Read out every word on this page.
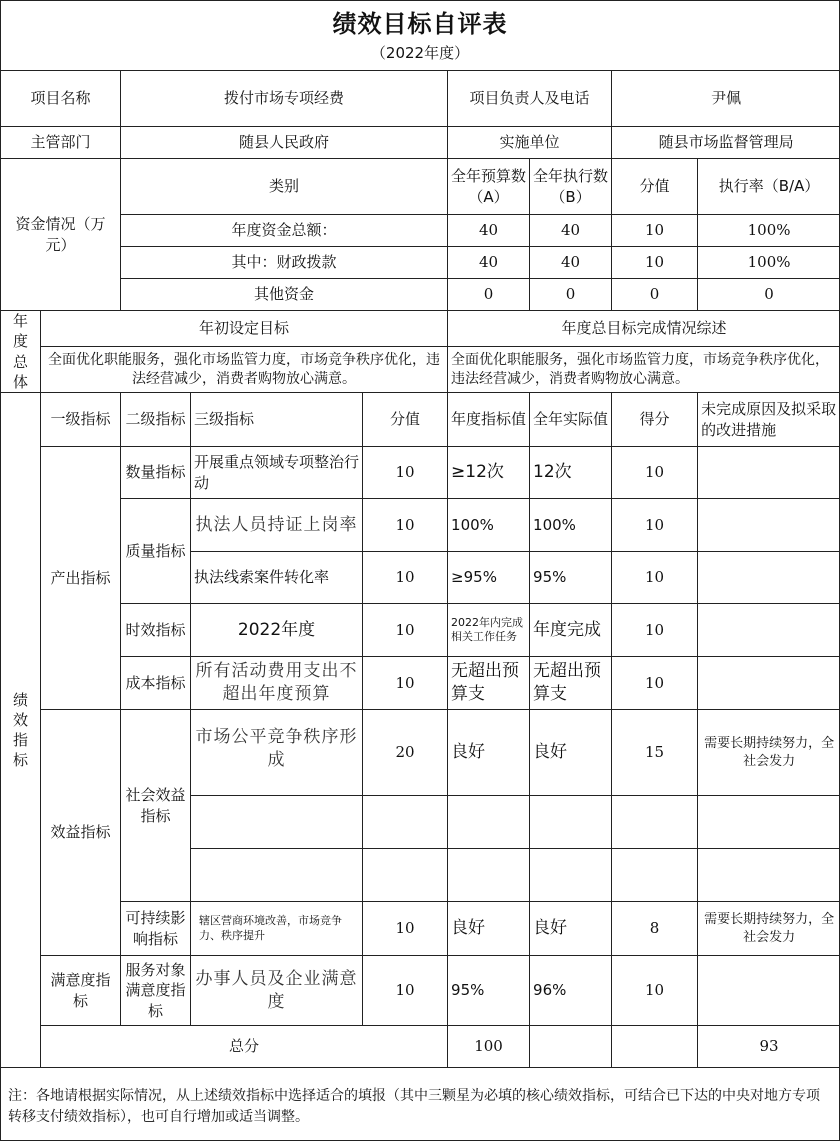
绩效目标自评表
（2022年度）
项目名称		拨付市场专项经费			项目负责人及电话		尹佩		
主管部门		随县人民政府			实施单位		随县市场监督管理局		
资金情况（万元）		类别			全年预算数（A）	全年执行数（B）	分值	执行率（B/A）	
		年度资金总额：			40	40	10	100%	
		其中：财政拨款			40	40	10	100%	
		其他资金			0	0	0	0	
年度总体	年初设定目标				年度总目标完成情况综述				
	全面优化职能服务，强化市场监管力度，市场竞争秩序优化，违法经营减少，消费者购物放心满意。				全面优化职能服务，强化市场监管力度，市场竞争秩序优化，违法经营减少，消费者购物放心满意。				
绩效指标	一级指标	二级指标	三级指标	分值	年度指标值	全年实际值	得分	未完成原因及拟采取的改进措施	
	产出指标	数量指标	开展重点领域专项整治行动	10	≥12次	12次	10		
		质量指标	执法人员持证上岗率	10	100%	100%	10		
			执法线索案件转化率	10	≥95%	95%	10		
		时效指标	2022年度	10	2022年内完成相关工作任务	年度完成	10		
		成本指标	所有活动费用支出不超出年度预算	10	无超出预算支	无超出预算支	10		
	效益指标	社会效益指标	市场公平竞争秩序形成	20	良好	良好	15	需要长期持续努力，全社会发力	

		可持续影响指标	辖区营商环境改善，市场竞争力、秩序提升	10	良好	良好	8	需要长期持续努力，全社会发力	
	满意度指标	服务对象满意度指标	办事人员及企业满意度	10	95%	96%	10		
	总分				100			93	
注：各地请根据实际情况，从上述绩效指标中选择适合的填报（其中三颗星为必填的核心绩效指标，可结合已下达的中央对地方专项转移支付绩效指标），也可自行增加或适当调整。
